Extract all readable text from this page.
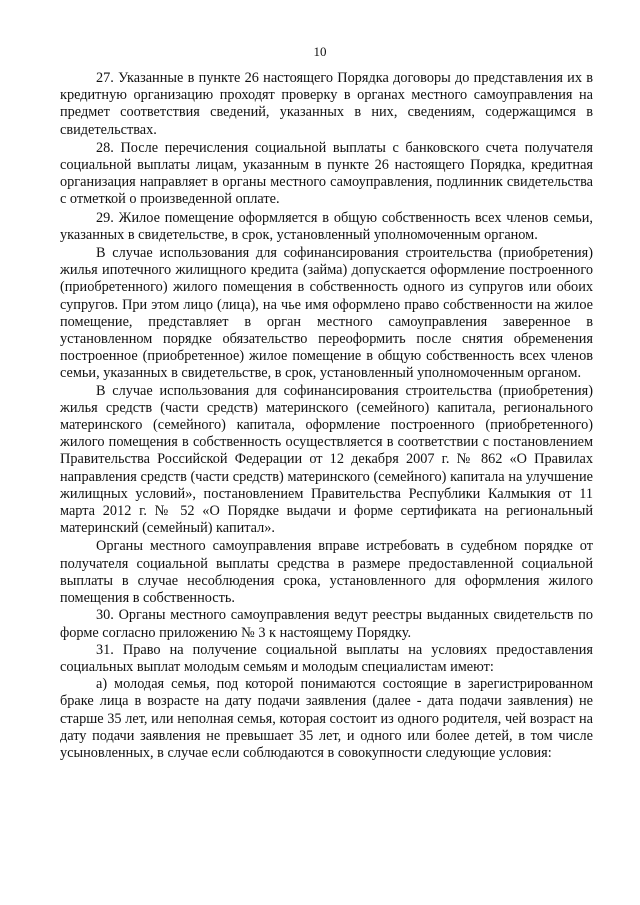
10

27. Указанные в пункте 26 настоящего Порядка договоры до представления их в кредитную организацию проходят проверку в органах местного самоуправления на предмет соответствия сведений, указанных в них, сведениям, содержащимся в свидетельствах.

28. После перечисления социальной выплаты с банковского счета получателя социальной выплаты лицам, указанным в пункте 26 настоящего Порядка, кредитная организация направляет в органы местного самоуправления, подлинник свидетельства с отметкой о произведенной оплате.

29. Жилое помещение оформляется в общую собственность всех членов семьи, указанных в свидетельстве, в срок, установленный уполномоченным органом.

В случае использования для софинансирования строительства (приобретения) жилья ипотечного жилищного кредита (займа) допускается оформление построенного (приобретенного) жилого помещения в собственность одного из супругов или обоих супругов. При этом лицо (лица), на чье имя оформлено право собственности на жилое помещение, представляет в орган местного самоуправления заверенное в установленном порядке обязательство переоформить после снятия обременения построенное (приобретенное) жилое помещение в общую собственность всех членов семьи, указанных в свидетельстве, в срок, установленный уполномоченным органом.

В случае использования для софинансирования строительства (приобретения) жилья средств (части средств) материнского (семейного) капитала, регионального материнского (семейного) капитала, оформление построенного (приобретенного) жилого помещения в собственность осуществляется в соответствии с постановлением Правительства Российской Федерации от 12 декабря 2007 г. № 862 «О Правилах направления средств (части средств) материнского (семейного) капитала на улучшение жилищных условий», постановлением Правительства Республики Калмыкия от 11 марта 2012 г. № 52 «О Порядке выдачи и форме сертификата на региональный материнский (семейный) капитал».

Органы местного самоуправления вправе истребовать в судебном порядке от получателя социальной выплаты средства в размере предоставленной социальной выплаты в случае несоблюдения срока, установленного для оформления жилого помещения в собственность.

30. Органы местного самоуправления ведут реестры выданных свидетельств по форме согласно приложению № 3 к настоящему Порядку.

31. Право на получение социальной выплаты на условиях предоставления социальных выплат молодым семьям и молодым специалистам имеют:

а) молодая семья, под которой понимаются состоящие в зарегистрированном браке лица в возрасте на дату подачи заявления (далее - дата подачи заявления) не старше 35 лет, или неполная семья, которая состоит из одного родителя, чей возраст на дату подачи заявления не превышает 35 лет, и одного или более детей, в том числе усыновленных, в случае если соблюдаются в совокупности следующие условия:
